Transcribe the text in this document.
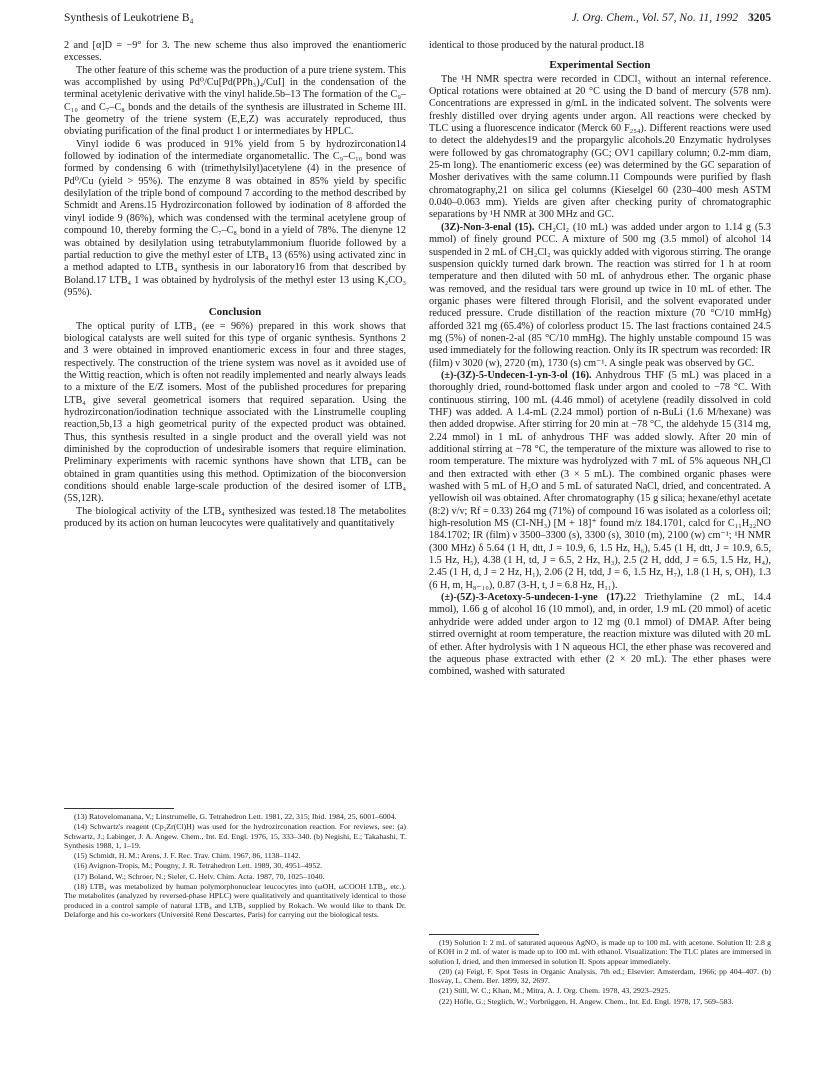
Synthesis of Leukotriene B₄	J. Org. Chem., Vol. 57, No. 11, 1992 3205

2 and [α]D = −9° for 3. The new scheme thus also improved the enantiomeric excesses.

The other feature of this scheme was the production of a pure triene system. This was accomplished by using Pd⁰/Cu[Pd(PPh₃)₄/CuI] in the condensation of the terminal acetylenic derivative with the vinyl halide.5b–13 The formation of the C₉–C₁₀ and C₇–C₈ bonds and the details of the synthesis are illustrated in Scheme III. The geometry of the triene system (E,E,Z) was accurately reproduced, thus obviating purification of the final product 1 or intermediates by HPLC.

Vinyl iodide 6 was produced in 91% yield from 5 by hydrozirconation14 followed by iodination of the intermediate organometallic. The C₉–C₁₀ bond was formed by condensing 6 with (trimethylsilyl)acetylene (4) in the presence of Pd⁰/Cu (yield > 95%). The enzyme 8 was obtained in 85% yield by specific desilylation of the triple bond of compound 7 according to the method described by Schmidt and Arens.15 Hydrozirconation followed by iodination of 8 afforded the vinyl iodide 9 (86%), which was condensed with the terminal acetylene group of compound 10, thereby forming the C₇–C₈ bond in a yield of 78%. The dienyne 12 was obtained by desilylation using tetrabutylammonium fluoride followed by a partial reduction to give the methyl ester of LTB₄ 13 (65%) using activated zinc in a method adapted to LTB₄ synthesis in our laboratory16 from that described by Boland.17 LTB₄ 1 was obtained by hydrolysis of the methyl ester 13 using K₂CO₃ (95%).

Conclusion

The optical purity of LTB₄ (ee = 96%) prepared in this work shows that biological catalysts are well suited for this type of organic synthesis. Synthons 2 and 3 were obtained in improved enantiomeric excess in four and three stages, respectively. The construction of the triene system was novel as it avoided use of the Wittig reaction, which is often not readily implemented and nearly always leads to a mixture of the E/Z isomers. Most of the published procedures for preparing LTB₄ give several geometrical isomers that required separation. Using the hydrozirconation/iodination technique associated with the Linstrumelle coupling reaction,5b,13 a high geometrical purity of the expected product was obtained. Thus, this synthesis resulted in a single product and the overall yield was not diminished by the coproduction of undesirable isomers that require elimination. Preliminary experiments with racemic synthons have shown that LTB₄ can be obtained in gram quantities using this method. Optimization of the bioconversion conditions should enable large-scale production of the desired isomer of LTB₄ (5S,12R).

The biological activity of the LTB₄ synthesized was tested.18 The metabolites produced by its action on human leucocytes were qualitatively and quantitatively

(13) Ratovelomanana, V.; Linstrumelle, G. Tetrahedron Lett. 1981, 22, 315; Ibid. 1984, 25, 6001–6004.

(14) Schwartz's reagent (Cp₂Zr(Cl)H) was used for the hydrozirconation reaction. For reviews, see: (a) Schwartz, J.; Labinger, J. A. Angew. Chem., Int. Ed. Engl. 1976, 15, 333–340. (b) Negishi, E.; Takahashi, T. Synthesis 1988, 1, 1–19.

(15) Schmidt, H. M.; Arens, J. F. Rec. Trav. Chim. 1967, 86, 1138–1142.

(16) Avignon-Tropis, M.; Pougny, J. R. Tetrahedron Lett. 1989, 30, 4951–4952.

(17) Boland, W.; Schroer, N.; Sieler, C. Helv. Chim. Acta. 1987, 70, 1025–1040.

(18) LTB₄ was metabolized by human polymorphonuclear leucocytes into (ωOH, ωCOOH LTB₄, etc.). The metabolites (analyzed by reversed-phase HPLC) were qualitatively and quantitatively identical to those produced in a control sample of natural LTB₄ and LTB₄ supplied by Rokach. We would like to thank Dr. Delaforge and his co-workers (Université René Descartes, Paris) for carrying out the biological tests.

identical to those produced by the natural product.18

Experimental Section

The ¹H NMR spectra were recorded in CDCl₃ without an internal reference. Optical rotations were obtained at 20 °C using the D band of mercury (578 nm). Concentrations are expressed in g/mL in the indicated solvent. The solvents were freshly distilled over drying agents under argon. All reactions were checked by TLC using a fluorescence indicator (Merck 60 F₂₅₄). Different reactions were used to detect the aldehydes19 and the propargylic alcohols.20 Enzymatic hydrolyses were followed by gas chromatography (GC; OV1 capillary column; 0.2-mm diam, 25-m long). The enantiomeric excess (ee) was determined by the GC separation of Mosher derivatives with the same column.11 Compounds were purified by flash chromatography,21 on silica gel columns (Kieselgel 60 (230–400 mesh ASTM 0.040–0.063 mm). Yields are given after checking purity of chromatographic separations by ¹H NMR at 300 MHz and GC.

(3Z)-Non-3-enal (15). CH₂Cl₂ (10 mL) was added under argon to 1.14 g (5.3 mmol) of finely ground PCC. A mixture of 500 mg (3.5 mmol) of alcohol 14 suspended in 2 mL of CH₂Cl₂ was quickly added with vigorous stirring. The orange suspension quickly turned dark brown. The reaction was stirred for 1 h at room temperature and then diluted with 50 mL of anhydrous ether. The organic phase was removed, and the residual tars were ground up twice in 10 mL of ether. The organic phases were filtered through Florisil, and the solvent evaporated under reduced pressure. Crude distillation of the reaction mixture (70 °C/10 mmHg) afforded 321 mg (65.4%) of colorless product 15. The last fractions contained 24.5 mg (5%) of nonen-2-al (85 °C/10 mmHg). The highly unstable compound 15 was used immediately for the following reaction. Only its IR spectrum was recorded: IR (film) ν 3020 (w), 2720 (m), 1730 (s) cm⁻¹. A single peak was observed by GC.

(±)-(3Z)-5-Undecen-1-yn-3-ol (16). Anhydrous THF (5 mL) was placed in a thoroughly dried, round-bottomed flask under argon and cooled to −78 °C. With continuous stirring, 100 mL (4.46 mmol) of acetylene (readily dissolved in cold THF) was added. A 1.4-mL (2.24 mmol) portion of n-BuLi (1.6 M/hexane) was then added dropwise. After stirring for 20 min at −78 °C, the aldehyde 15 (314 mg, 2.24 mmol) in 1 mL of anhydrous THF was added slowly. After 20 min of additional stirring at −78 °C, the temperature of the mixture was allowed to rise to room temperature. The mixture was hydrolyzed with 7 mL of 5% aqueous NH₄Cl and then extracted with ether (3 × 5 mL). The combined organic phases were washed with 5 mL of H₂O and 5 mL of saturated NaCl, dried, and concentrated. A yellowish oil was obtained. After chromatography (15 g silica; hexane/ethyl acetate (8:2) v/v; Rf = 0.33) 264 mg (71%) of compound 16 was isolated as a colorless oil; high-resolution MS (CI-NH₃) [M + 18]⁺ found m/z 184.1701, calcd for C₁₁H₂₂NO 184.1702; IR (film) ν 3500–3300 (s), 3300 (s), 3010 (m), 2100 (w) cm⁻¹; ¹H NMR (300 MHz) δ 5.64 (1 H, dtt, J = 10.9, 6, 1.5 Hz, H₆), 5.45 (1 H, dtt, J = 10.9, 6.5, 1.5 Hz, H₅), 4.38 (1 H, td, J = 6.5, 2 Hz, H₃), 2.5 (2 H, ddd, J = 6.5, 1.5 Hz, H₄), 2.45 (1 H, d, J = 2 Hz, H₁), 2.06 (2 H, tdd, J = 6, 1.5 Hz, H₇), 1.8 (1 H, s, OH), 1.3 (6 H, m, H₈₋₁₀), 0.87 (3-H, t, J = 6.8 Hz, H₁₁).

(±)-(5Z)-3-Acetoxy-5-undecen-1-yne (17).22 Triethylamine (2 mL, 14.4 mmol), 1.66 g of alcohol 16 (10 mmol), and, in order, 1.9 mL (20 mmol) of acetic anhydride were added under argon to 12 mg (0.1 mmol) of DMAP. After being stirred overnight at room temperature, the reaction mixture was diluted with 20 mL of ether. After hydrolysis with 1 N aqueous HCl, the ether phase was recovered and the aqueous phase extracted with ether (2 × 20 mL). The ether phases were combined, washed with saturated

(19) Solution I: 2 mL of saturated aqueous AgNO₃ is made up to 100 mL with acetone. Solution II: 2.8 g of KOH in 2 mL of water is made up to 100 mL with ethanol. Visualization: The TLC plates are immersed in solution I, dried, and then immersed in solution II. Spots appear immediately.

(20) (a) Feigl, F. Spot Tests in Organic Analysis, 7th ed.; Elsevier: Amsterdam, 1966; pp 404–407. (b) Ilosvay, L. Chem. Ber. 1899, 32, 2697.

(21) Still, W. C.; Khan, M.; Mitra, A. J. Org. Chem. 1978, 43, 2923–2925.

(22) Höfle, G.; Steglich, W.; Vorbrüggen, H. Angew. Chem., Int. Ed. Engl. 1978, 17, 569–583.
